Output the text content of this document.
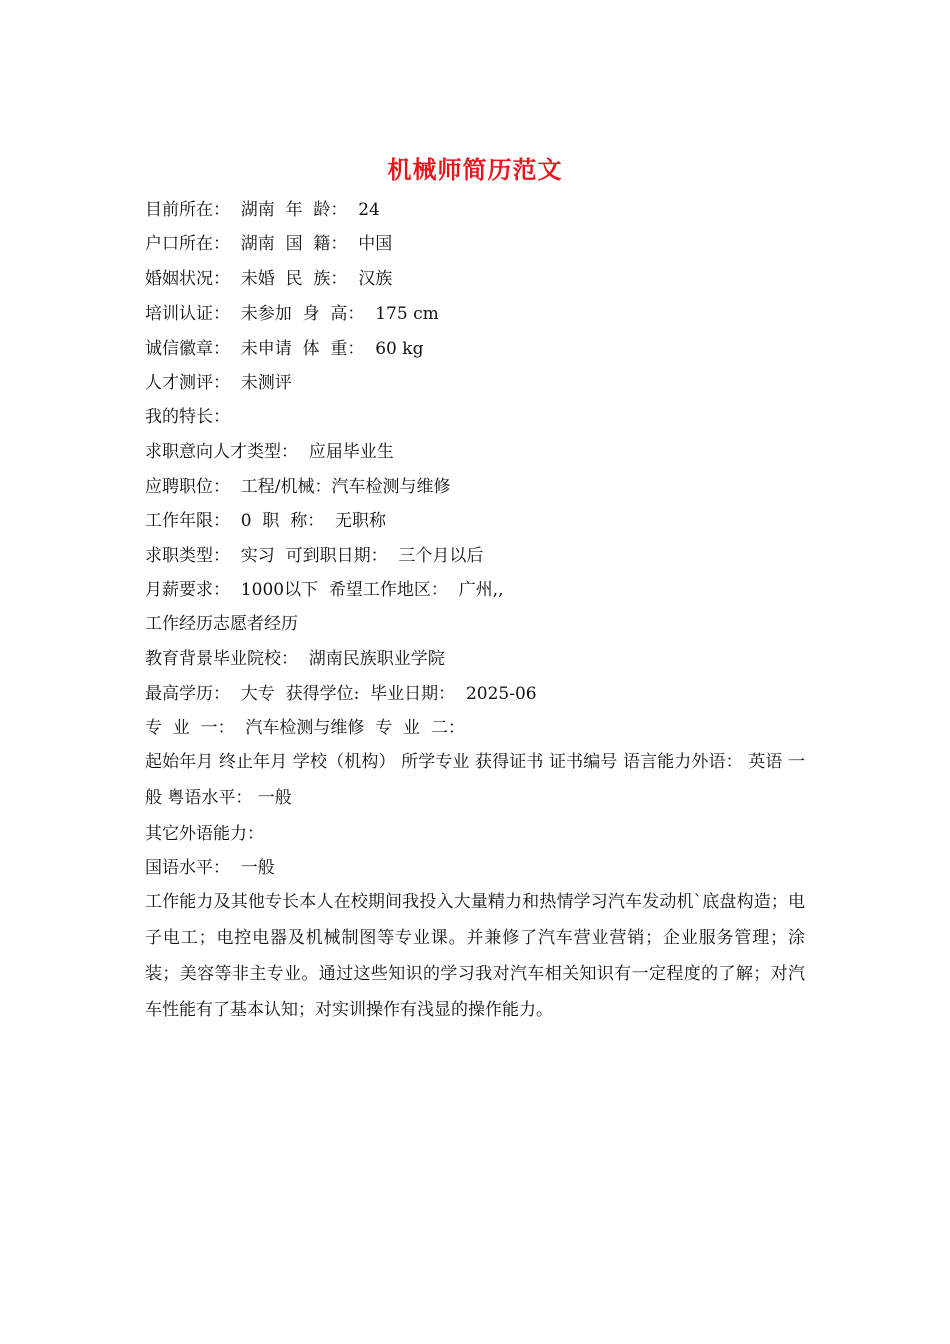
机械师简历范文
目前所在：  湖南  年  龄：  24
户口所在：  湖南  国  籍：  中国
婚姻状况：  未婚  民  族：  汉族
培训认证：  未参加  身  高：  175 cm
诚信徽章：  未申请  体  重：  60 kg
人才测评：  未测评
我的特长：
求职意向人才类型：  应届毕业生
应聘职位：  工程/机械：汽车检测与维修
工作年限：  0  职  称：  无职称
求职类型：  实习  可到职日期：  三个月以后
月薪要求：  1000以下  希望工作地区：  广州,,
工作经历志愿者经历
教育背景毕业院校：  湖南民族职业学院
最高学历：  大专  获得学位:  毕业日期：  2025-06
专  业  一：  汽车检测与维修  专  业  二：
起始年月 终止年月 学校（机构） 所学专业 获得证书 证书编号 语言能力外语： 英语 一般 粤语水平： 一般
其它外语能力：
国语水平：  一般
工作能力及其他专长本人在校期间我投入大量精力和热情学习汽车发动机`底盘构造；电子电工；电控电器及机械制图等专业课。并兼修了汽车营业营销；企业服务管理；涂装；美容等非主专业。通过这些知识的学习我对汽车相关知识有一定程度的了解；对汽车性能有了基本认知；对实训操作有浅显的操作能力。
